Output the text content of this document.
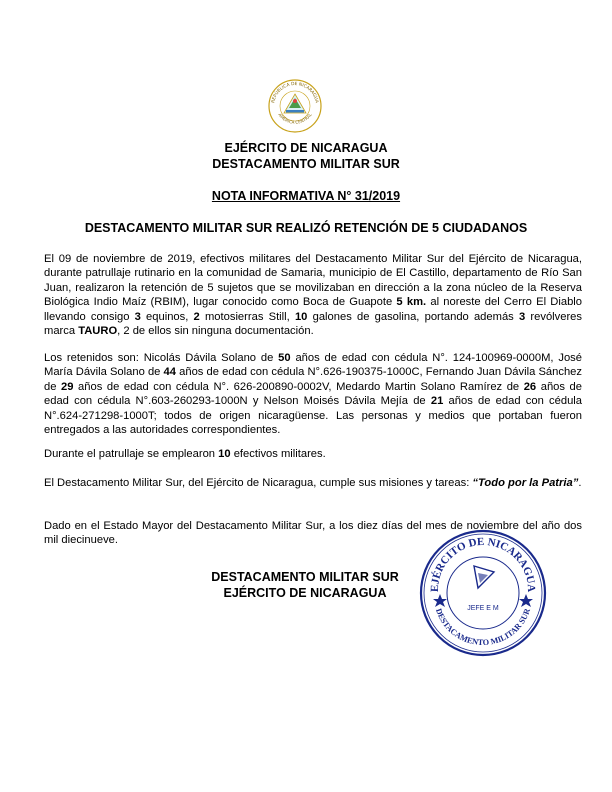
REPÚBLICA DE NICARAGUA
AMÉRICA CENTRAL
EJÉRCITO DE NICARAGUA
DESTACAMENTO MILITAR SUR
NOTA INFORMATIVA N° 31/2019
DESTACAMENTO MILITAR SUR REALIZÓ RETENCIÓN DE 5 CIUDADANOS

El 09 de noviembre de 2019, efectivos militares del Destacamento Militar Sur del Ejército de Nicaragua, durante patrullaje rutinario en la comunidad de Samaria, municipio de El Castillo, departamento de Río San Juan, realizaron la retención de 5 sujetos que se movilizaban en dirección a la zona núcleo de la Reserva Biológica Indio Maíz (RBIM), lugar conocido como Boca de Guapote 5 km. al noreste del Cerro El Diablo llevando consigo 3 equinos, 2 motosierras Still, 10 galones de gasolina, portando además 3 revólveres marca TAURO, 2 de ellos sin ninguna documentación.

Los retenidos son: Nicolás Dávila Solano de 50 años de edad con cédula N°. 124-100969-0000M, José María Dávila Solano de 44 años de edad con cédula N°.626-190375-1000C, Fernando Juan Dávila Sánchez de 29 años de edad con cédula N°. 626-200890-0002V, Medardo Martin Solano Ramírez de 26 años de edad con cédula N°.603-260293-1000N y Nelson Moisés Dávila Mejía de 21 años de edad con cédula N°.624-271298-1000T; todos de origen nicaragüense. Las personas y medios que portaban fueron entregados a las autoridades correspondientes.

Durante el patrullaje se emplearon 10 efectivos militares.

El Destacamento Militar Sur, del Ejército de Nicaragua, cumple sus misiones y tareas: “Todo por la Patria”.

Dado en el Estado Mayor del Destacamento Militar Sur, a los diez días del mes de noviembre del año dos mil diecinueve.

DESTACAMENTO MILITAR SUR
EJÉRCITO DE NICARAGUA	EJÉRCITO DE NICARAGUA
DESTACAMENTO MILITAR SUR
JEFE E M
